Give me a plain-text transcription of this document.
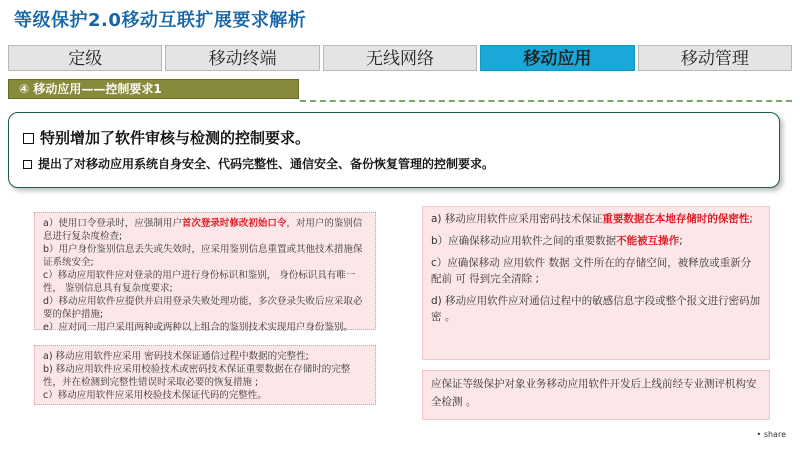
等级保护2.0移动互联扩展要求解析
定级	移动终端	无线网络	移动应用	移动管理
④ 移动应用——控制要求1
特别增加了软件审核与检测的控制要求。
提出了对移动应用系统自身安全、代码完整性、通信安全、备份恢复管理的控制要求。

a）使用口令登录时，应强制用户首次登录时修改初始口令，对用户的鉴别信息进行复杂度检查;

b）用户身份鉴别信息丢失或失效时，应采用鉴别信息重置或其他技术措施保证系统安全;

c）移动应用软件应对登录的用户进行身份标识和鉴别， 身份标识具有唯一性， 鉴别信息具有复杂度要求;

d）移动应用软件应提供并启用登录失败处理功能，多次登录失败后应采取必要的保护措施;

e）应对同一用户采用两种或两种以上组合的鉴别技术实现用户身份鉴别。

a) 移动应用软件应采用 密码技术保证通信过程中数据的完整性;

b) 移动应用软件应采用校验技术或密码技术保证重要数据在存储时的完整性，并在检测到完整性错误时采取必要的恢复措施 ;

c）移动应用软件应采用校验技术保证代码的完整性。

a) 移动应用软件应采用密码技术保证重要数据在本地存储时的保密性;

b）应确保移动应用软件之间的重要数据不能被互操作;

c）应确保移动 应用软件 数据 文件所在的存储空间，被释放或重新分配前 可 得到完全清除 ;

d) 移动应用软件应对通信过程中的敏感信息字段或整个报文进行密码加密 。

应保证等级保护对象业务移动应用软件开发后上线前经专业测评机构安全检测 。

• share
